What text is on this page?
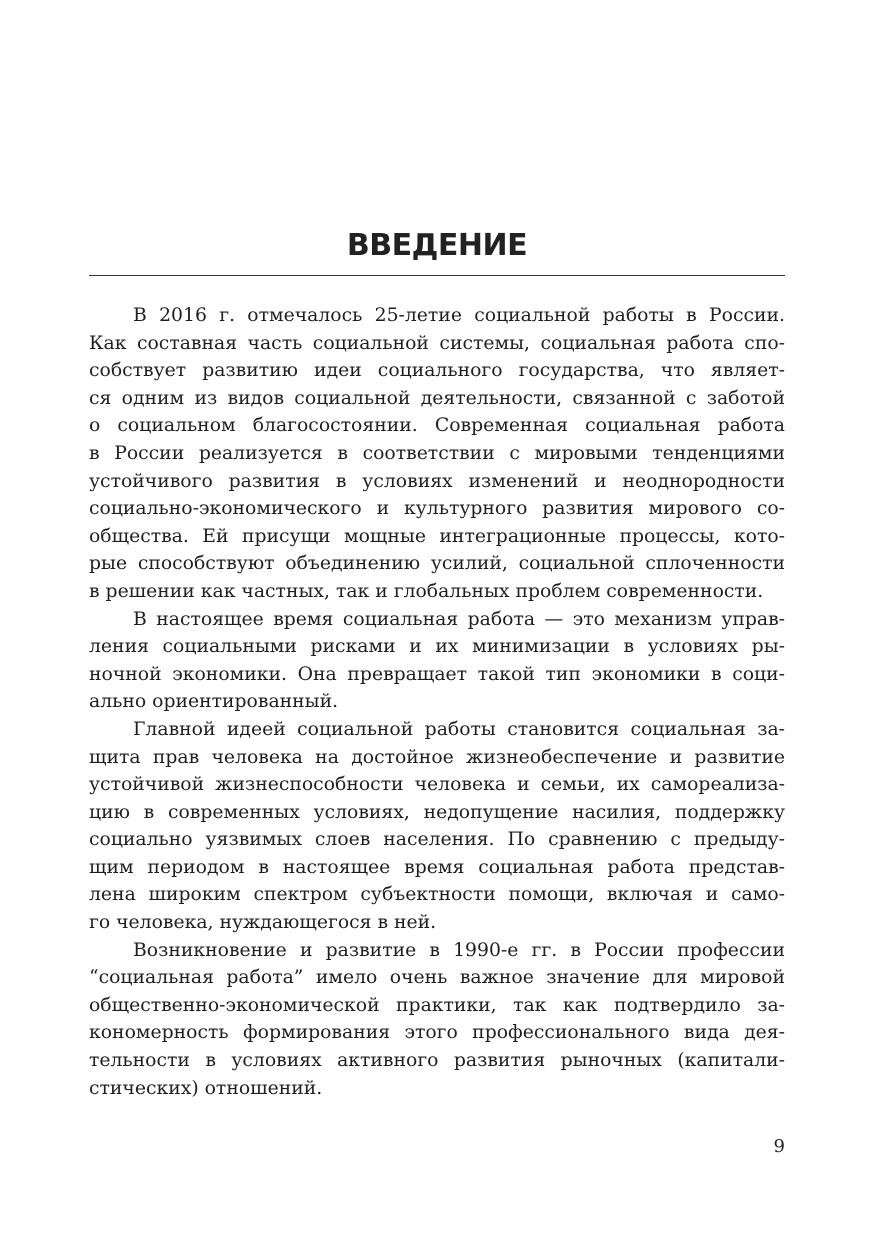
ВВЕДЕНИЕ
В 2016 г. отмечалось 25-летие социальной работы в России.
Как составная часть социальной системы, социальная работа спо-
собствует развитию идеи социального государства, что являет-
ся одним из видов социальной деятельности, связанной с заботой
о социальном благосостоянии. Современная социальная работа
в России реализуется в соответствии с мировыми тенденциями
устойчивого развития в условиях изменений и неоднородности
социально-экономического и культурного развития мирового со-
общества. Ей присущи мощные интеграционные процессы, кото-
рые способствуют объединению усилий, социальной сплоченности
в решении как частных, так и глобальных проблем современности.
В настоящее время социальная работа — это механизм управ-
ления социальными рисками и их минимизации в условиях ры-
ночной экономики. Она превращает такой тип экономики в соци-
ально ориентированный.
Главной идеей социальной работы становится социальная за-
щита прав человека на достойное жизнеобеспечение и развитие
устойчивой жизнеспособности человека и семьи, их самореализа-
цию в современных условиях, недопущение насилия, поддержку
социально уязвимых слоев населения. По сравнению с предыду-
щим периодом в настоящее время социальная работа представ-
лена широким спектром субъектности помощи, включая и само-
го человека, нуждающегося в ней.
Возникновение и развитие в 1990-е гг. в России профессии
“социальная работа” имело очень важное значение для мировой
общественно-экономической практики, так как подтвердило за-
кономерность формирования этого профессионального вида дея-
тельности в условиях активного развития рыночных (капитали-
стических) отношений.
9
